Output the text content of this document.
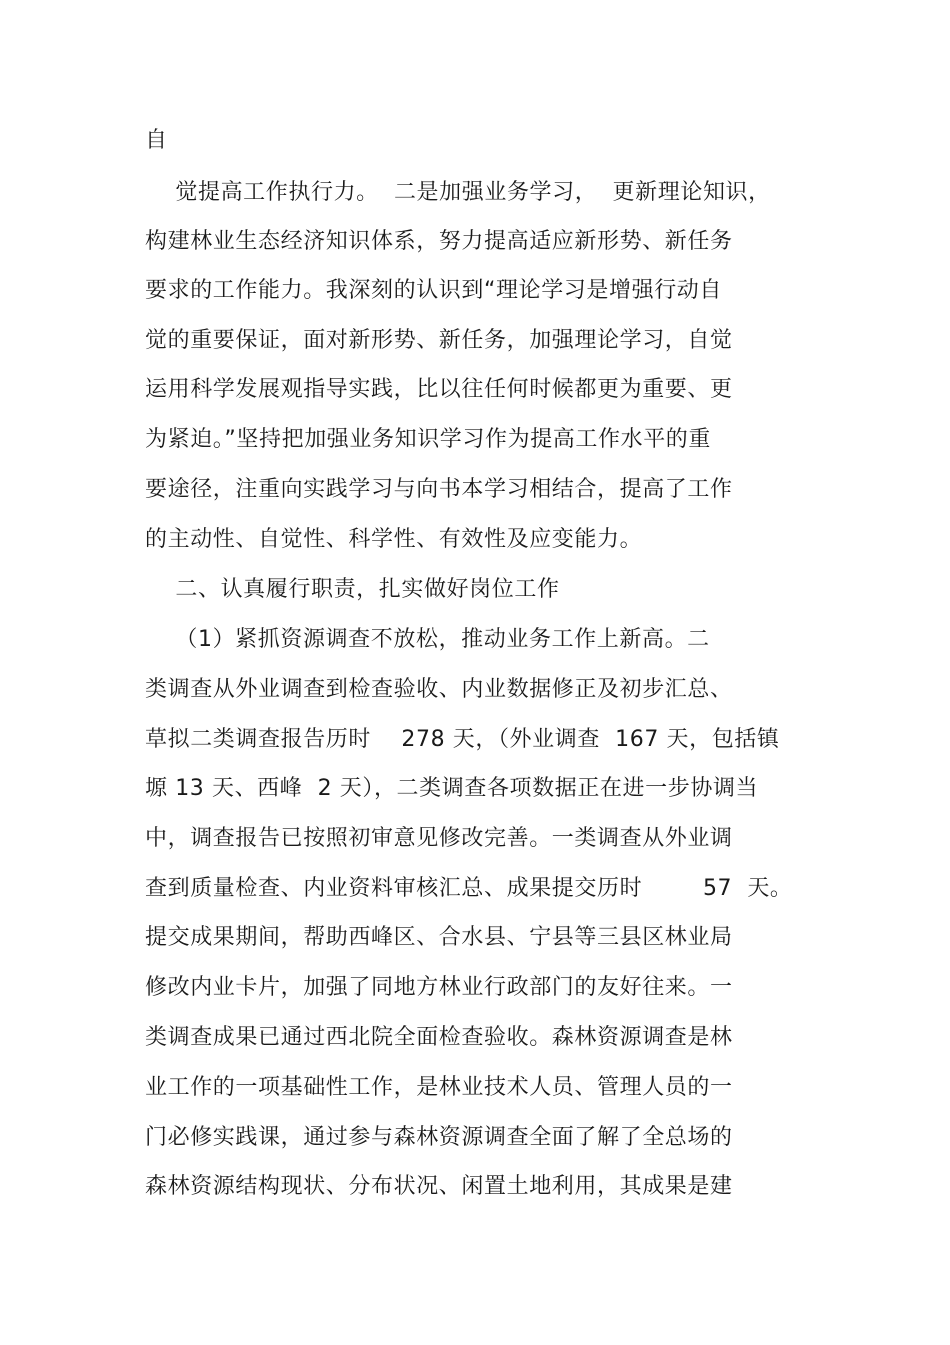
自
觉提高工作执行力。  二是加强业务学习，  更新理论知识，
构建林业生态经济知识体系，努力提高适应新形势、新任务
要求的工作能力。我深刻的认识到“理论学习是增强行动自
觉的重要保证，面对新形势、新任务，加强理论学习，自觉
运用科学发展观指导实践，比以往任何时候都更为重要、更
为紧迫。”坚持把加强业务知识学习作为提高工作水平的重
要途径，注重向实践学习与向书本学习相结合，提高了工作
的主动性、自觉性、科学性、有效性及应变能力。
二、认真履行职责，扎实做好岗位工作
（1）紧抓资源调查不放松，推动业务工作上新高。二
类调查从外业调查到检查验收、内业数据修正及初步汇总、
草拟二类调查报告历时    278 天，（外业调查  167 天，包括镇
塬 13 天、西峰  2 天），二类调查各项数据正在进一步协调当
中，调查报告已按照初审意见修改完善。一类调查从外业调
查到质量检查、内业资料审核汇总、成果提交历时        57  天。
提交成果期间，帮助西峰区、合水县、宁县等三县区林业局
修改内业卡片，加强了同地方林业行政部门的友好往来。一
类调查成果已通过西北院全面检查验收。森林资源调查是林
业工作的一项基础性工作，是林业技术人员、管理人员的一
门必修实践课，通过参与森林资源调查全面了解了全总场的
森林资源结构现状、分布状况、闲置土地利用，其成果是建
